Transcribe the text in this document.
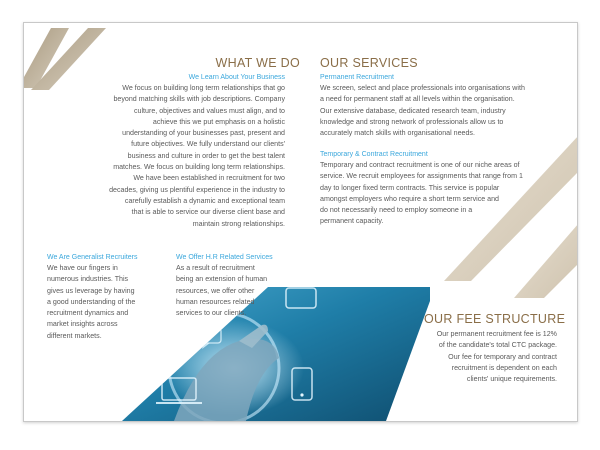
WHAT WE DO
We Learn About Your Business
We focus on building long term relationships that go
beyond matching skills with job descriptions. Company
culture, objectives and values must align, and to
achieve this we put emphasis on a holistic
understanding of your businesses past, present and
future objectives. We fully understand our clients'
business and culture in order to get the best talent
matches. We focus on building long term relationships.
We have been established in recruitment for two
decades, giving us plentiful experience in the industry to
carefully establish a dynamic and exceptional team
that is able to service our diverse client base and
maintain strong relationships.
We Are Generalist Recruiters
We have our fingers in
numerous industries. This
gives us leverage by having
a good understanding of the
recruitment dynamics and
market insights across
different markets.
We Offer H.R Related Services
As a result of recruitment
being an extension of human
resources, we offer other
human resources related
services to our clients.
OUR SERVICES
Permanent Recruitment
We screen, select and place professionals into organisations with
a need for permanent staff at all levels within the organisation.
Our extensive database, dedicated research team, industry
knowledge and strong network of professionals allow us to
accurately match skills with organisational needs.
Temporary & Contract Recruitment
Temporary and contract recruitment is one of our niche areas of
service. We recruit employees for assignments that range from 1
day to longer fixed term contracts. This service is popular
amongst employers who require a short term service and
do not necessarily need to employ someone in a
permanent capacity.
OUR FEE STRUCTURE
Our permanent recruitment fee is 12%
of the candidate's total CTC package.
Our fee for temporary and contract
recruitment is dependent on each
clients' unique requirements.
